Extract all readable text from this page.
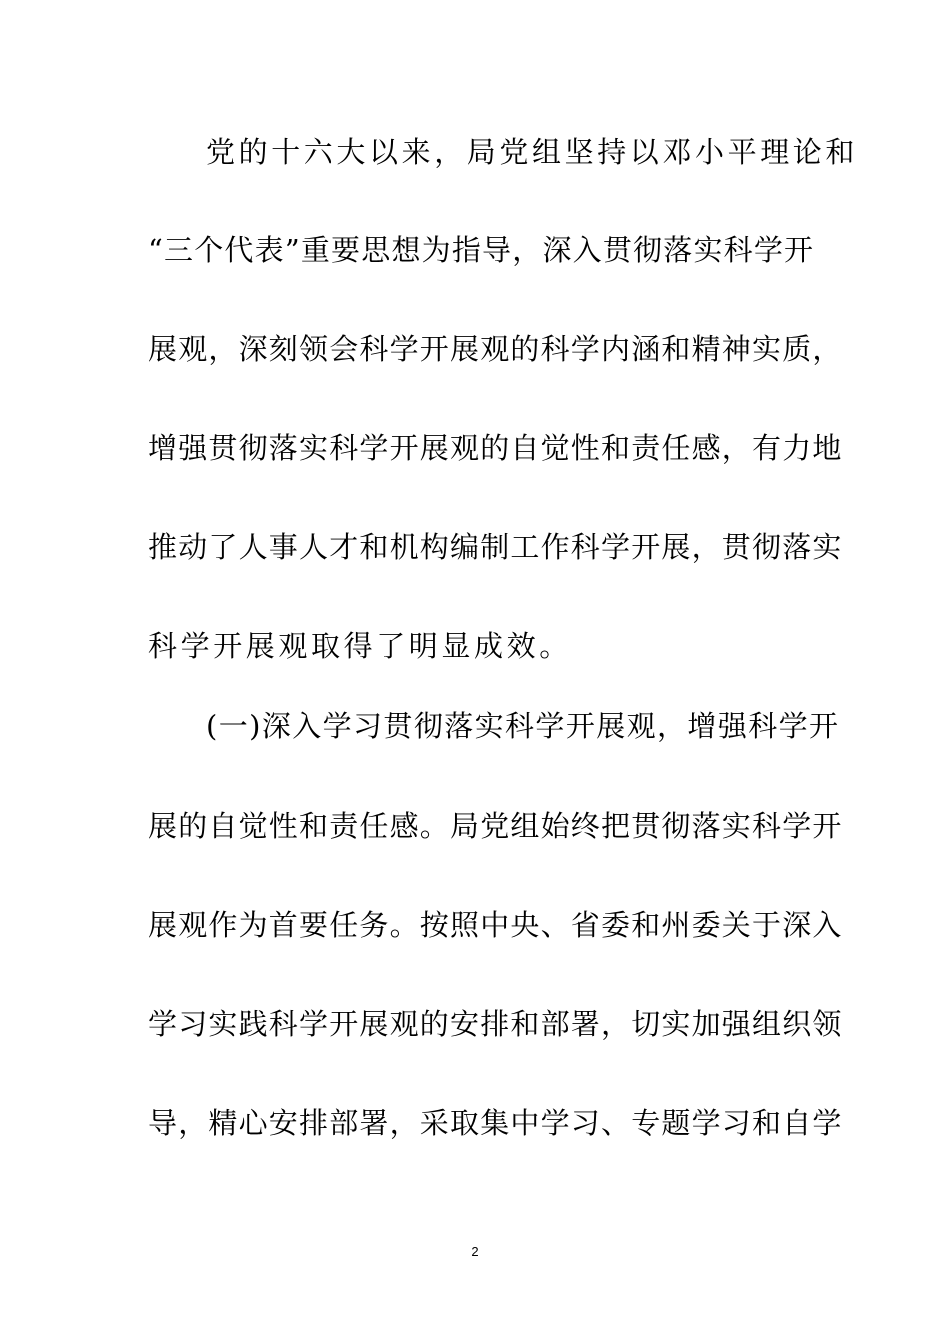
党的十六大以来，局党组坚持以邓小平理论和
“三个代表”重要思想为指导，深入贯彻落实科学开
展观，深刻领会科学开展观的科学内涵和精神实质，
增强贯彻落实科学开展观的自觉性和责任感，有力地
推动了人事人才和机构编制工作科学开展，贯彻落实
科学开展观取得了明显成效。
(一)深入学习贯彻落实科学开展观，增强科学开
展的自觉性和责任感。局党组始终把贯彻落实科学开
展观作为首要任务。按照中央、省委和州委关于深入
学习实践科学开展观的安排和部署，切实加强组织领
导，精心安排部署，采取集中学习、专题学习和自学
2
